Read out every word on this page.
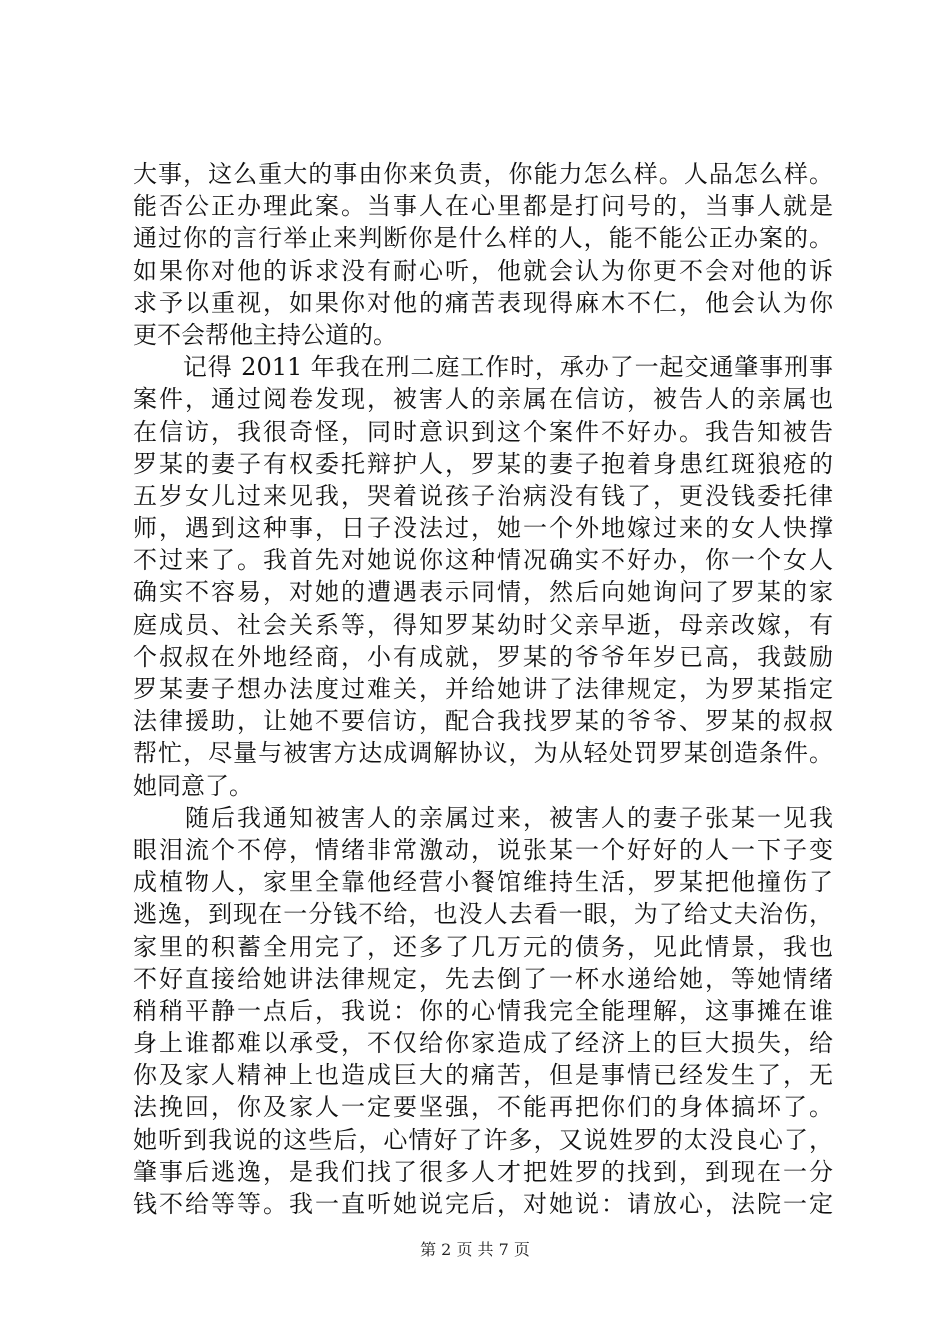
大事，这么重大的事由你来负责，你能力怎么样。人品怎么样。
能否公正办理此案。当事人在心里都是打问号的，当事人就是
通过你的言行举止来判断你是什么样的人，能不能公正办案的。
如果你对他的诉求没有耐心听，他就会认为你更不会对他的诉
求予以重视，如果你对他的痛苦表现得麻木不仁，他会认为你
更不会帮他主持公道的。
　　记得 2011 年我在刑二庭工作时，承办了一起交通肇事刑事
案件，通过阅卷发现，被害人的亲属在信访，被告人的亲属也
在信访，我很奇怪，同时意识到这个案件不好办。我告知被告
罗某的妻子有权委托辩护人，罗某的妻子抱着身患红斑狼疮的
五岁女儿过来见我，哭着说孩子治病没有钱了，更没钱委托律
师，遇到这种事，日子没法过，她一个外地嫁过来的女人快撑
不过来了。我首先对她说你这种情况确实不好办，你一个女人
确实不容易，对她的遭遇表示同情，然后向她询问了罗某的家
庭成员、社会关系等，得知罗某幼时父亲早逝，母亲改嫁，有
个叔叔在外地经商，小有成就，罗某的爷爷年岁已高，我鼓励
罗某妻子想办法度过难关，并给她讲了法律规定，为罗某指定
法律援助，让她不要信访，配合我找罗某的爷爷、罗某的叔叔
帮忙，尽量与被害方达成调解协议，为从轻处罚罗某创造条件。
她同意了。
　　随后我通知被害人的亲属过来，被害人的妻子张某一见我
眼泪流个不停，情绪非常激动，说张某一个好好的人一下子变
成植物人，家里全靠他经营小餐馆维持生活，罗某把他撞伤了
逃逸，到现在一分钱不给，也没人去看一眼，为了给丈夫治伤，
家里的积蓄全用完了，还多了几万元的债务，见此情景，我也
不好直接给她讲法律规定，先去倒了一杯水递给她，等她情绪
稍稍平静一点后，我说：你的心情我完全能理解，这事摊在谁
身上谁都难以承受，不仅给你家造成了经济上的巨大损失，给
你及家人精神上也造成巨大的痛苦，但是事情已经发生了，无
法挽回，你及家人一定要坚强，不能再把你们的身体搞坏了。
她听到我说的这些后，心情好了许多，又说姓罗的太没良心了，
肇事后逃逸，是我们找了很多人才把姓罗的找到，到现在一分
钱不给等等。我一直听她说完后，对她说：请放心，法院一定
第 2 页 共 7 页
